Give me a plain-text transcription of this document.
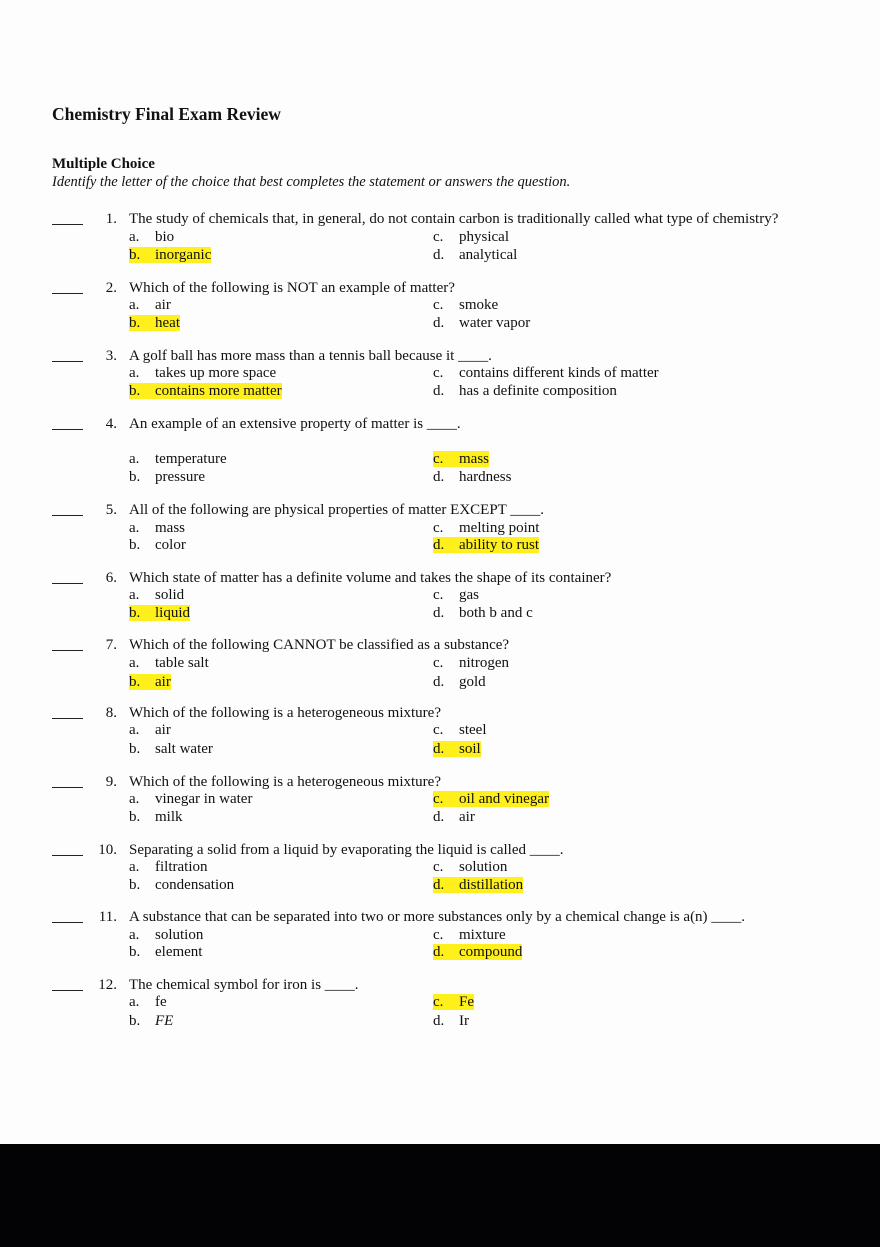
Chemistry Final Exam Review
Multiple Choice
Identify the letter of the choice that best completes the statement or answers the question.
1. The study of chemicals that, in general, do not contain carbon is traditionally called what type of chemistry?
a. bio
b. inorganic
c. physical
d. analytical
2. Which of the following is NOT an example of matter?
a. air
b. heat
c. smoke
d. water vapor
3. A golf ball has more mass than a tennis ball because it ____.
a. takes up more space
b. contains more matter
c. contains different kinds of matter
d. has a definite composition
4. An example of an extensive property of matter is ____.
a. temperature
b. pressure
c. mass
d. hardness
5. All of the following are physical properties of matter EXCEPT ____.
a. mass
b. color
c. melting point
d. ability to rust
6. Which state of matter has a definite volume and takes the shape of its container?
a. solid
b. liquid
c. gas
d. both b and c
7. Which of the following CANNOT be classified as a substance?
a. table salt
b. air
c. nitrogen
d. gold
8. Which of the following is a heterogeneous mixture?
a. air
b. salt water
c. steel
d. soil
9. Which of the following is a heterogeneous mixture?
a. vinegar in water
b. milk
c. oil and vinegar
d. air
10. Separating a solid from a liquid by evaporating the liquid is called ____.
a. filtration
b. condensation
c. solution
d. distillation
11. A substance that can be separated into two or more substances only by a chemical change is a(n) ____.
a. solution
b. element
c. mixture
d. compound
12. The chemical symbol for iron is ____.
a. fe
b. FE
c. Fe
d. Ir
